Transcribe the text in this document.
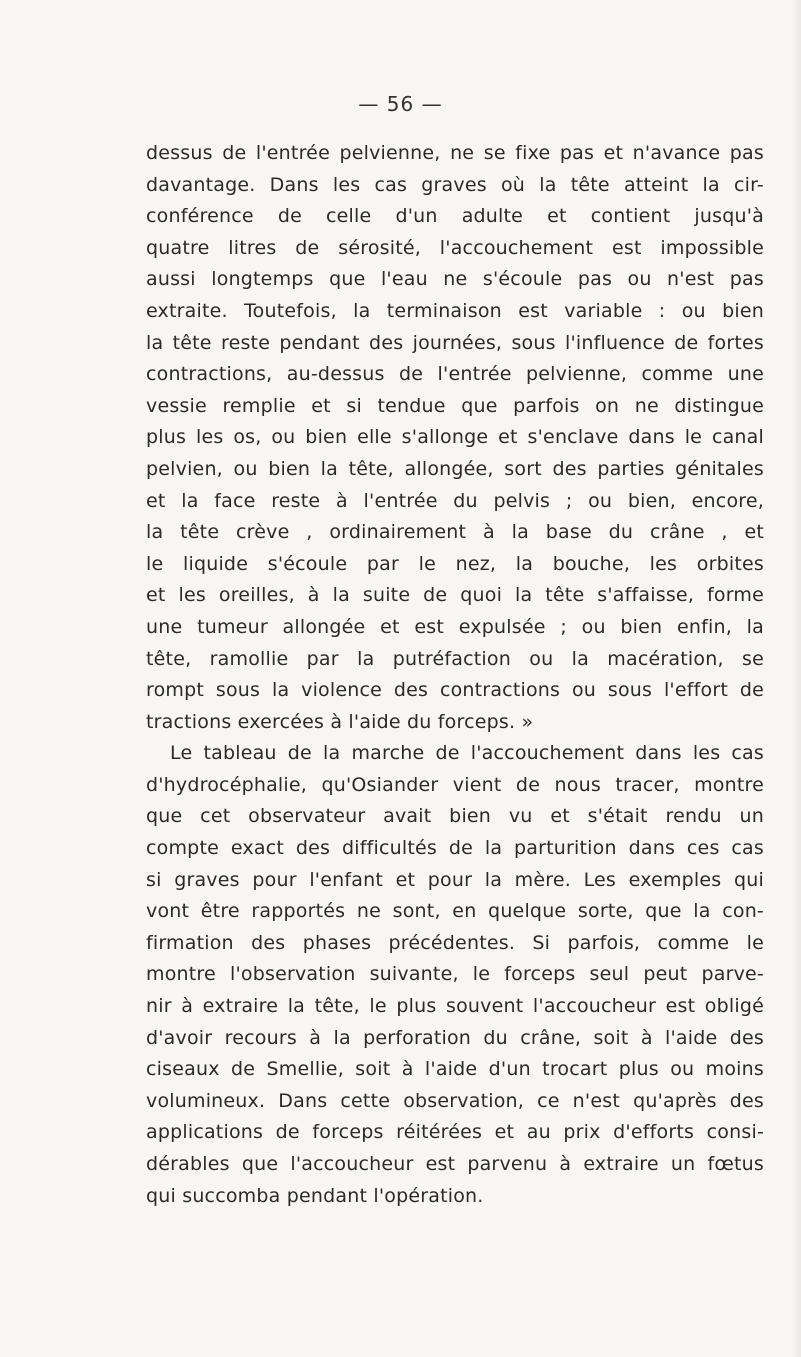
— 56 —
dessus de l'entrée pelvienne, ne se fixe pas et n'avance pas
davantage. Dans les cas graves où la tête atteint la cir-
conférence de celle d'un adulte et contient jusqu'à
quatre litres de sérosité, l'accouchement est impossible
aussi longtemps que l'eau ne s'écoule pas ou n'est pas
extraite. Toutefois, la terminaison est variable : ou bien
la tête reste pendant des journées, sous l'influence de fortes
contractions, au-dessus de l'entrée pelvienne, comme une
vessie remplie et si tendue que parfois on ne distingue
plus les os, ou bien elle s'allonge et s'enclave dans le canal
pelvien, ou bien la tête, allongée, sort des parties génitales
et la face reste à l'entrée du pelvis ; ou bien, encore,
la tête crève , ordinairement à la base du crâne , et
le liquide s'écoule par le nez, la bouche, les orbites
et les oreilles, à la suite de quoi la tête s'affaisse, forme
une tumeur allongée et est expulsée ; ou bien enfin, la
tête, ramollie par la putréfaction ou la macération, se
rompt sous la violence des contractions ou sous l'effort de
tractions exercées à l'aide du forceps. »
Le tableau de la marche de l'accouchement dans les cas
d'hydrocéphalie, qu'Osiander vient de nous tracer, montre
que cet observateur avait bien vu et s'était rendu un
compte exact des difficultés de la parturition dans ces cas
si graves pour l'enfant et pour la mère. Les exemples qui
vont être rapportés ne sont, en quelque sorte, que la con-
firmation des phases précédentes. Si parfois, comme le
montre l'observation suivante, le forceps seul peut parve-
nir à extraire la tête, le plus souvent l'accoucheur est obligé
d'avoir recours à la perforation du crâne, soit à l'aide des
ciseaux de Smellie, soit à l'aide d'un trocart plus ou moins
volumineux. Dans cette observation, ce n'est qu'après des
applications de forceps réitérées et au prix d'efforts consi-
dérables que l'accoucheur est parvenu à extraire un fœtus
qui succomba pendant l'opération.
